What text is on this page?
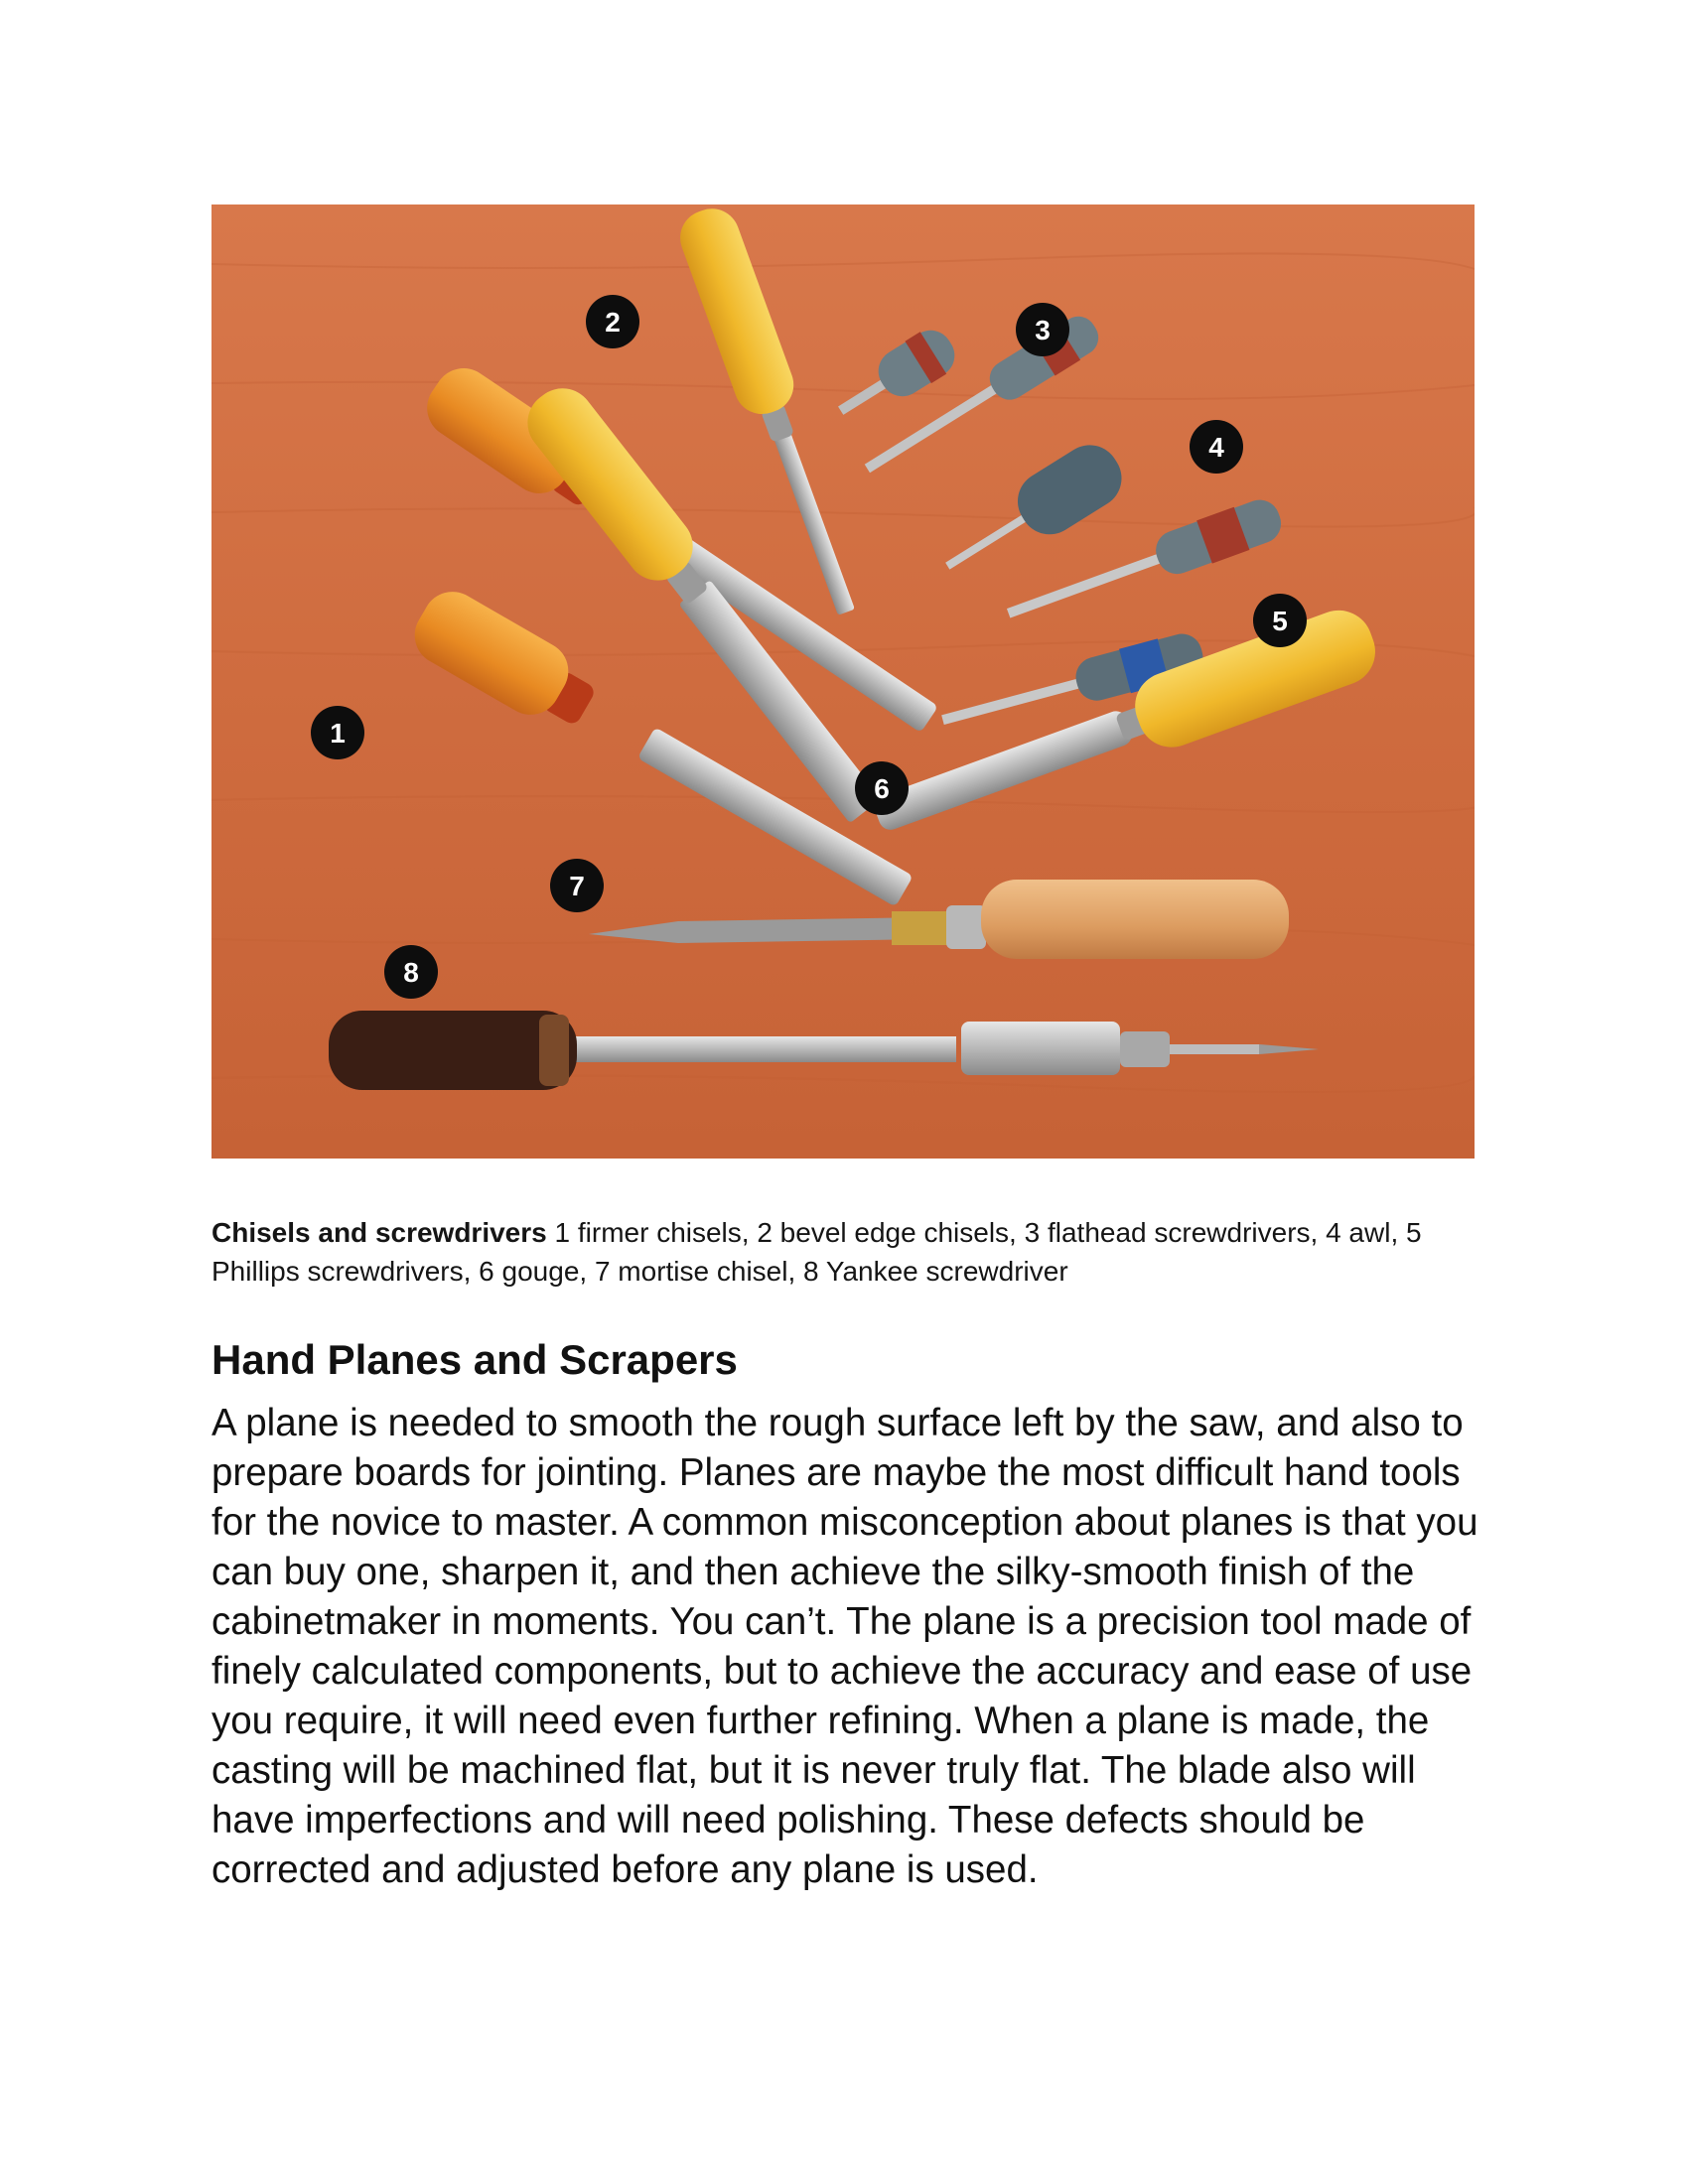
1
2	3
4
5
6
7
8
Chisels and screwdrivers 1 firmer chisels, 2 bevel edge chisels, 3 flathead screwdrivers, 4 awl, 5 Phillips screwdrivers, 6 gouge, 7 mortise chisel, 8 Yankee screwdriver
Hand Planes and Scrapers

A plane is needed to smooth the rough surface left by the saw, and also to prepare boards for jointing. Planes are maybe the most difficult hand tools for the novice to master. A common misconception about planes is that you can buy one, sharpen it, and then achieve the silky-smooth finish of the cabinetmaker in moments. You can’t. The plane is a precision tool made of finely calculated components, but to achieve the accuracy and ease of use you require, it will need even further refining. When a plane is made, the casting will be machined flat, but it is never truly flat. The blade also will have imperfections and will need polishing. These defects should be corrected and adjusted before any plane is used.
